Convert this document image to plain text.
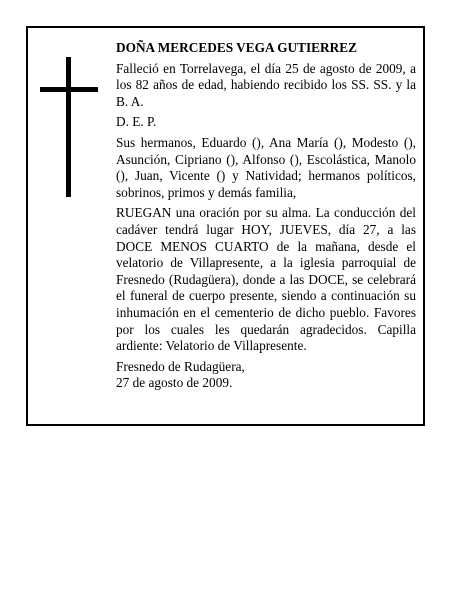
DOÑA MERCEDES VEGA GUTIERREZ

Falleció en Torrelavega, el día 25 de agosto de 2009, a los 82 años de edad, habiendo recibido los SS. SS. y la B. A.

D. E. P.

Sus hermanos, Eduardo (), Ana María (), Modesto (), Asunción, Cipriano (), Alfonso (), Escolástica, Manolo (), Juan, Vicente () y Natividad; hermanos políticos, sobrinos, primos y demás familia,

RUEGAN una oración por su alma. La conducción del cadáver tendrá lugar HOY, JUEVES, día 27, a las DOCE MENOS CUARTO de la mañana, desde el velatorio de Villapresente, a la iglesia parroquial de Fresnedo (Rudagüera), donde a las DOCE, se celebrará el funeral de cuerpo presente, siendo a continuación su inhumación en el cementerio de dicho pueblo. Favores por los cuales les quedarán agradecidos. Capilla ardiente: Velatorio de Villapresente.

Fresnedo de Rudagüera,
27 de agosto de 2009.
